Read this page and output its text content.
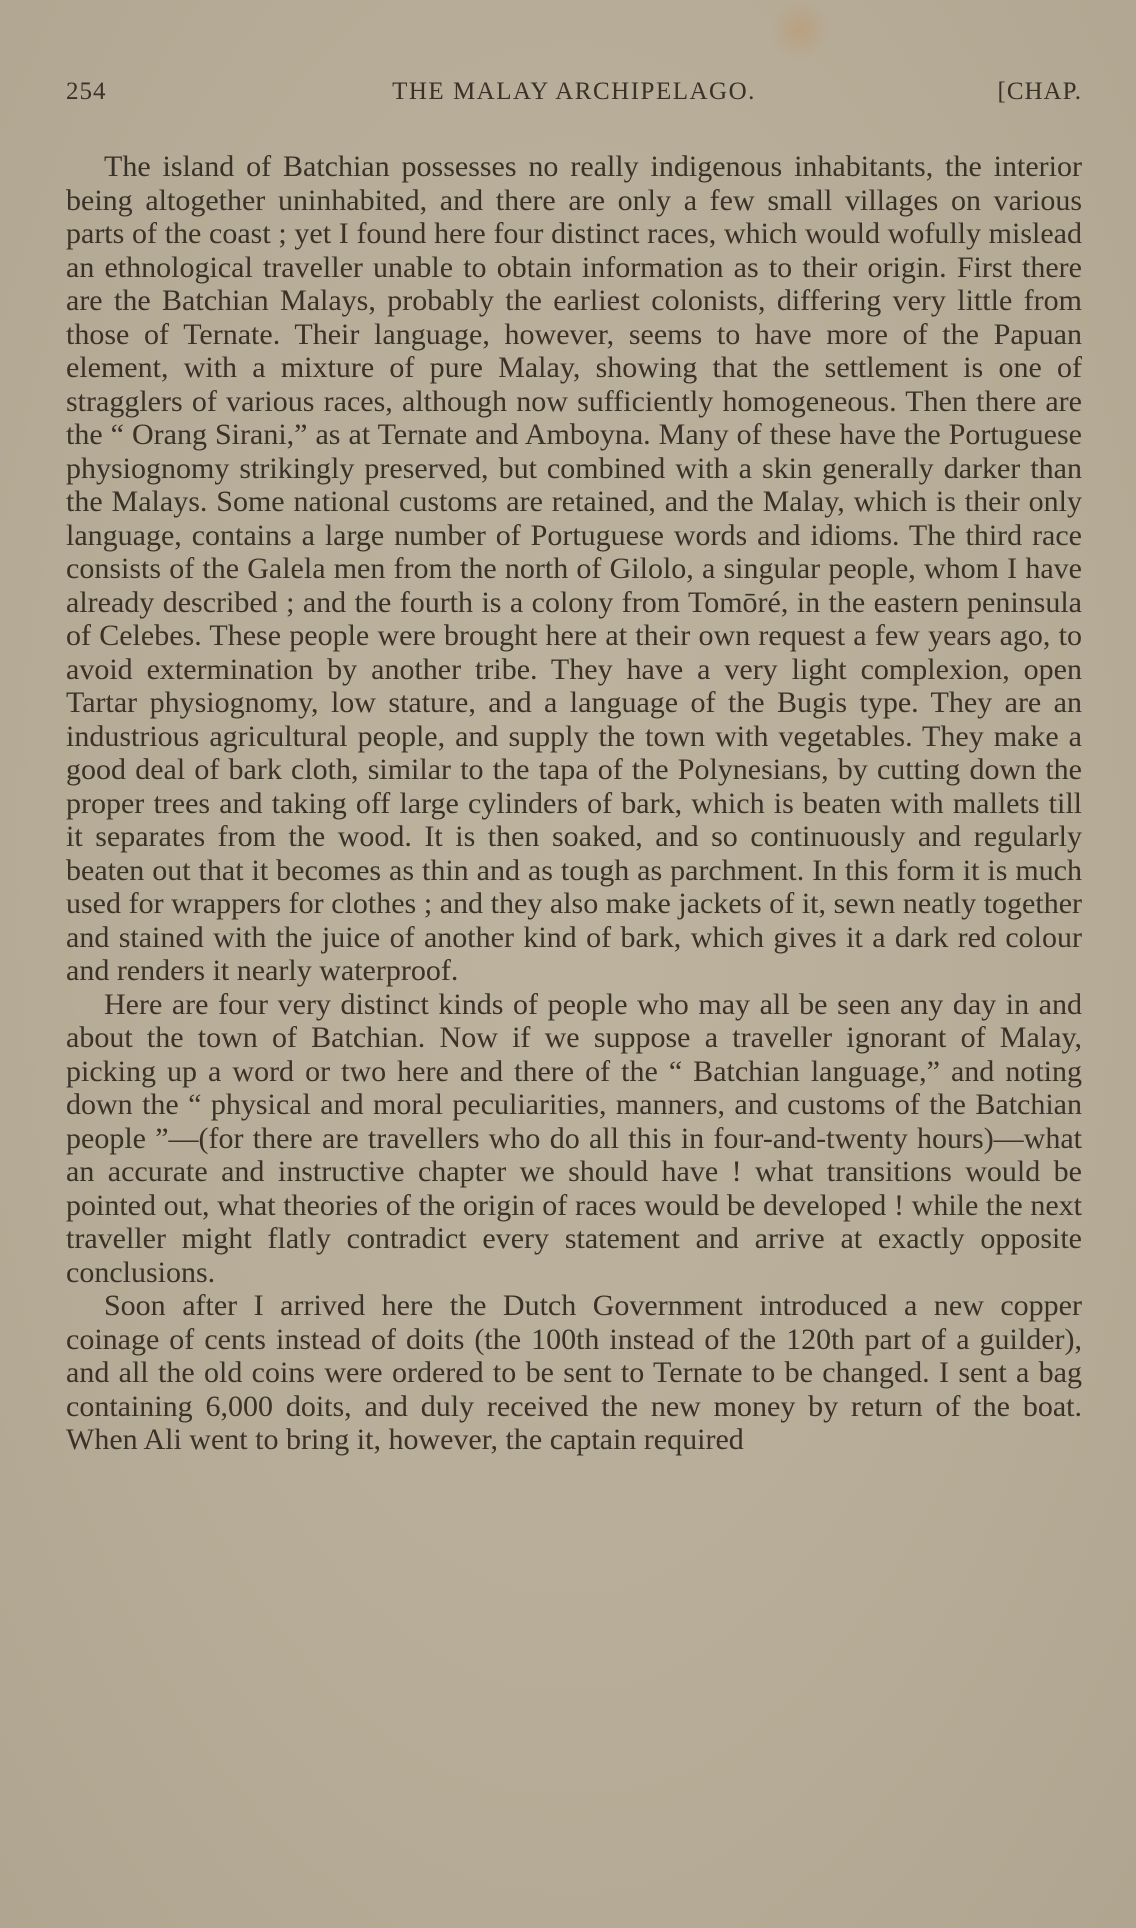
254	THE MALAY ARCHIPELAGO.	[CHAP.

The island of Batchian possesses no really indigenous inhabitants, the interior being altogether uninhabited, and there are only a few small villages on various parts of the coast ; yet I found here four distinct races, which would wofully mislead an ethnological traveller unable to obtain information as to their origin. First there are the Batchian Malays, probably the earliest colonists, differing very little from those of Ternate. Their language, however, seems to have more of the Papuan element, with a mixture of pure Malay, showing that the settlement is one of stragglers of various races, although now sufficiently homogeneous. Then there are the “ Orang Sirani,” as at Ternate and Amboyna. Many of these have the Portuguese physiognomy strikingly preserved, but combined with a skin generally darker than the Malays. Some national customs are retained, and the Malay, which is their only language, contains a large number of Portuguese words and idioms. The third race consists of the Galela men from the north of Gilolo, a singular people, whom I have already described ; and the fourth is a colony from Tomōré, in the eastern peninsula of Celebes. These people were brought here at their own request a few years ago, to avoid extermination by another tribe. They have a very light complexion, open Tartar physiognomy, low stature, and a language of the Bugis type. They are an industrious agricultural people, and supply the town with vegetables. They make a good deal of bark cloth, similar to the tapa of the Polynesians, by cutting down the proper trees and taking off large cylinders of bark, which is beaten with mallets till it separates from the wood. It is then soaked, and so continuously and regularly beaten out that it becomes as thin and as tough as parchment. In this form it is much used for wrappers for clothes ; and they also make jackets of it, sewn neatly together and stained with the juice of another kind of bark, which gives it a dark red colour and renders it nearly waterproof.

Here are four very distinct kinds of people who may all be seen any day in and about the town of Batchian. Now if we suppose a traveller ignorant of Malay, picking up a word or two here and there of the “ Batchian language,” and noting down the “ physical and moral peculiarities, manners, and customs of the Batchian people ”—(for there are travellers who do all this in four-and-twenty hours)—what an accurate and instructive chapter we should have ! what transitions would be pointed out, what theories of the origin of races would be developed ! while the next traveller might flatly contradict every statement and arrive at exactly opposite conclusions.

Soon after I arrived here the Dutch Government introduced a new copper coinage of cents instead of doits (the 100th instead of the 120th part of a guilder), and all the old coins were ordered to be sent to Ternate to be changed. I sent a bag containing 6,000 doits, and duly received the new money by return of the boat. When Ali went to bring it, however, the captain required
